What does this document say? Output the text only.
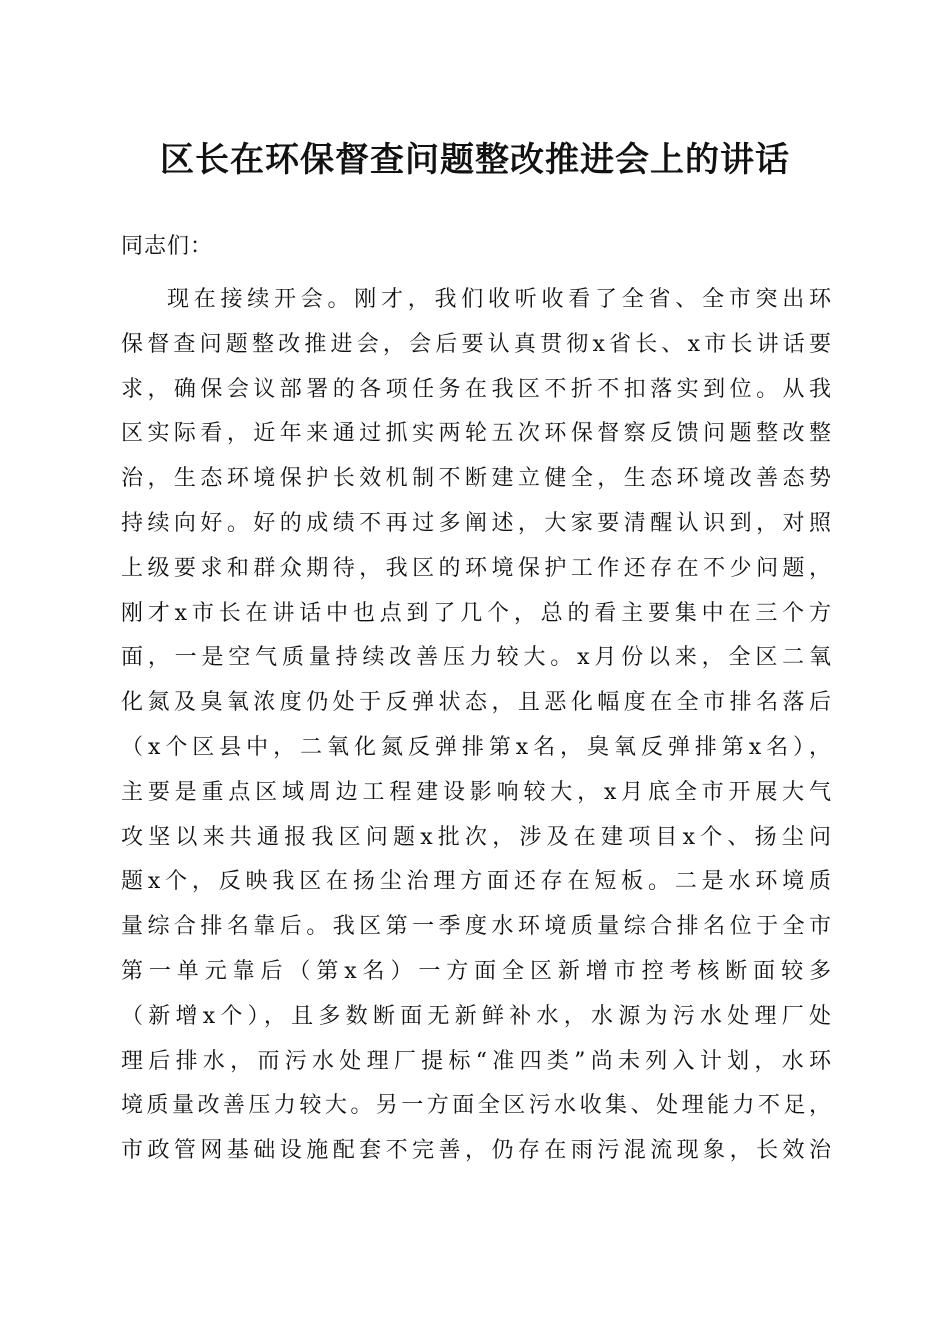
区长在环保督查问题整改推进会上的讲话

同志们：

现在接续开会。刚才，我们收听收看了全省、全市突出环
保督查问题整改推进会，会后要认真贯彻x省长、x市长讲话要
求，确保会议部署的各项任务在我区不折不扣落实到位。从我
区实际看，近年来通过抓实两轮五次环保督察反馈问题整改整
治，生态环境保护长效机制不断建立健全，生态环境改善态势
持续向好。好的成绩不再过多阐述，大家要清醒认识到，对照
上级要求和群众期待，我区的环境保护工作还存在不少问题，
刚才x市长在讲话中也点到了几个，总的看主要集中在三个方
面，一是空气质量持续改善压力较大。x月份以来，全区二氧
化氮及臭氧浓度仍处于反弹状态，且恶化幅度在全市排名落后
（x个区县中，二氧化氮反弹排第x名，臭氧反弹排第x名），
主要是重点区域周边工程建设影响较大，x月底全市开展大气
攻坚以来共通报我区问题x批次，涉及在建项目x个、扬尘问
题x个，反映我区在扬尘治理方面还存在短板。二是水环境质
量综合排名靠后。我区第一季度水环境质量综合排名位于全市
第一单元靠后（第x名）一方面全区新增市控考核断面较多
（新增x个），且多数断面无新鲜补水，水源为污水处理厂处
理后排水，而污水处理厂提标“准四类”尚未列入计划，水环
境质量改善压力较大。另一方面全区污水收集、处理能力不足，
市政管网基础设施配套不完善，仍存在雨污混流现象，长效治
